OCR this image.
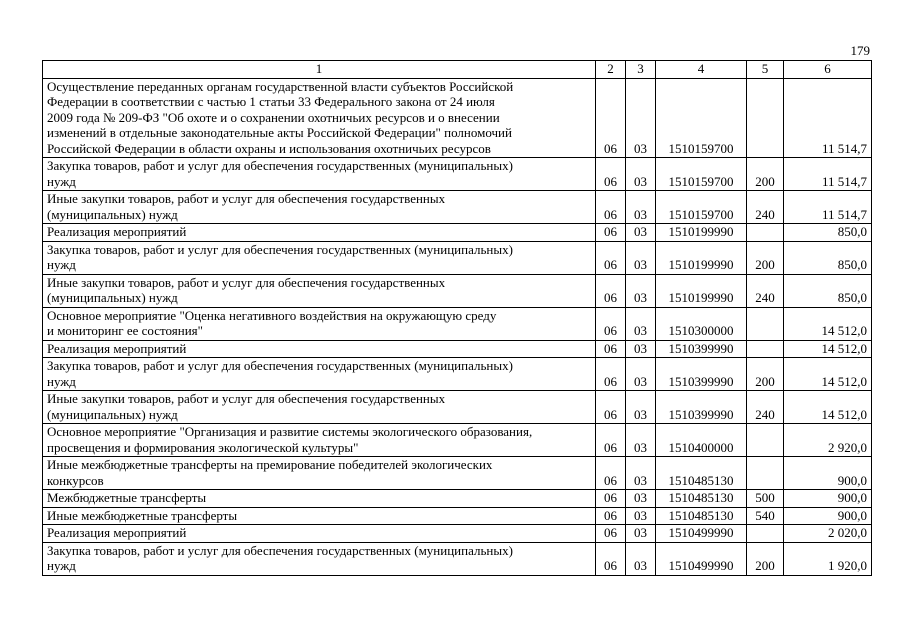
179
1	2	3	4	5	6
Осуществление переданных органам государственной власти субъектов Российской
Федерации в соответствии с частью 1 статьи 33 Федерального закона от 24 июля
2009 года № 209-ФЗ "Об охоте и о сохранении охотничьих ресурсов и о внесении
изменений в отдельные законодательные акты Российской Федерации" полномочий
Российской Федерации в области охраны и использования охотничьих ресурсов	06	03	1510159700		11 514,7
Закупка товаров, работ и услуг для обеспечения государственных (муниципальных)
нужд	06	03	1510159700	200	11 514,7
Иные закупки товаров, работ и услуг для обеспечения государственных
(муниципальных) нужд	06	03	1510159700	240	11 514,7
Реализация мероприятий	06	03	1510199990		850,0
Закупка товаров, работ и услуг для обеспечения государственных (муниципальных)
нужд	06	03	1510199990	200	850,0
Иные закупки товаров, работ и услуг для обеспечения государственных
(муниципальных) нужд	06	03	1510199990	240	850,0
Основное мероприятие "Оценка негативного воздействия на окружающую среду
и мониторинг ее состояния"	06	03	1510300000		14 512,0
Реализация мероприятий	06	03	1510399990		14 512,0
Закупка товаров, работ и услуг для обеспечения государственных (муниципальных)
нужд	06	03	1510399990	200	14 512,0
Иные закупки товаров, работ и услуг для обеспечения государственных
(муниципальных) нужд	06	03	1510399990	240	14 512,0
Основное мероприятие "Организация и развитие системы экологического образования,
просвещения и формирования экологической культуры"	06	03	1510400000		2 920,0
Иные межбюджетные трансферты на премирование победителей экологических
конкурсов	06	03	1510485130		900,0
Межбюджетные трансферты	06	03	1510485130	500	900,0
Иные межбюджетные трансферты	06	03	1510485130	540	900,0
Реализация мероприятий	06	03	1510499990		2 020,0
Закупка товаров, работ и услуг для обеспечения государственных (муниципальных)
нужд	06	03	1510499990	200	1 920,0
